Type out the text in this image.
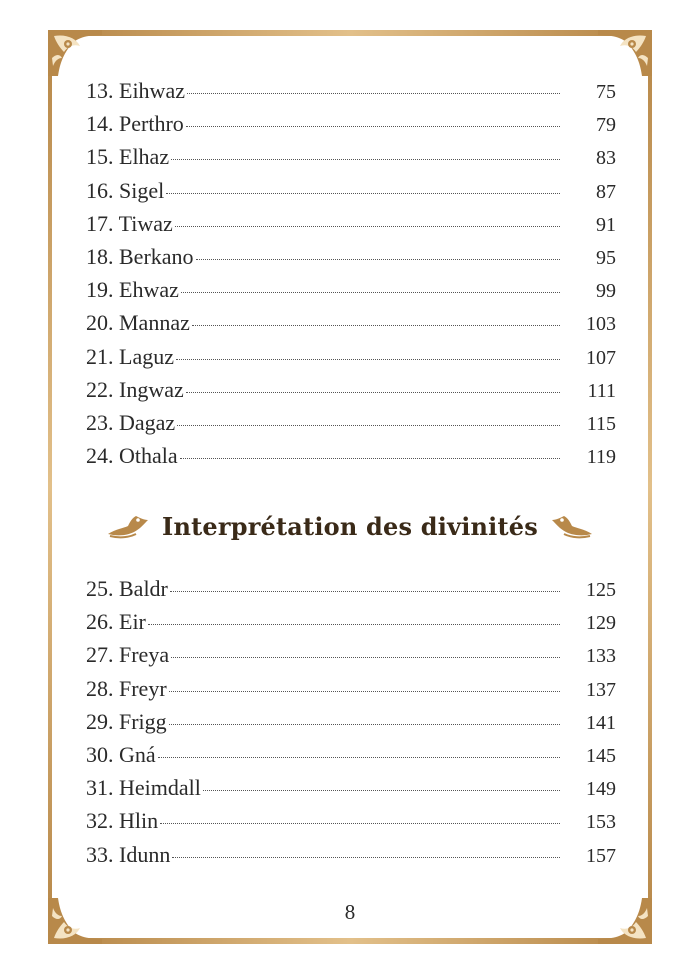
13. Eihwaz	75
14. Perthro	79
15. Elhaz	83
16. Sigel	87
17. Tiwaz	91
18. Berkano	95
19. Ehwaz	99
20. Mannaz	103
21. Laguz	107
22. Ingwaz	111
23. Dagaz	115
24. Othala	119
Interprétation des divinités
25. Baldr	125
26. Eir	129
27. Freya	133
28. Freyr	137
29. Frigg	141
30. Gná	145
31. Heimdall	149
32. Hlin	153
33. Idunn	157
8
